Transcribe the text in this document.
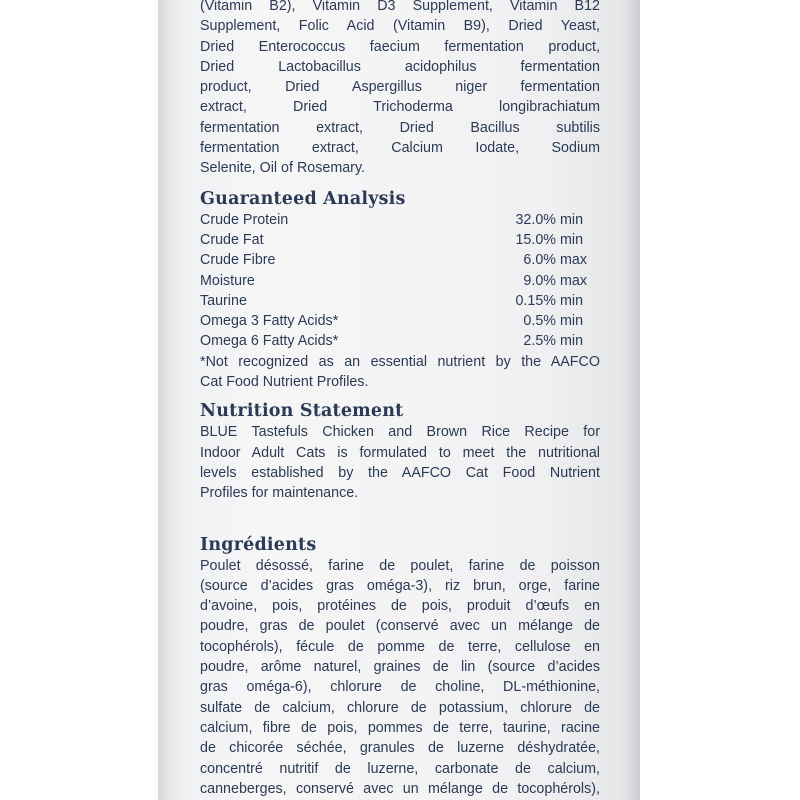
(Vitamin B2), Vitamin D3 Supplement, Vitamin B12
Supplement, Folic Acid (Vitamin B9), Dried Yeast,
Dried Enterococcus faecium fermentation product,
Dried Lactobacillus acidophilus fermentation
product, Dried Aspergillus niger fermentation
extract, Dried Trichoderma longibrachiatum
fermentation extract, Dried Bacillus subtilis
fermentation extract, Calcium Iodate, Sodium
Selenite, Oil of Rosemary.
Guaranteed Analysis
Crude Protein	32.0% min
Crude Fat	15.0% min
Crude Fibre	6.0% max
Moisture	9.0% max
Taurine	0.15% min
Omega 3 Fatty Acids*	0.5% min
Omega 6 Fatty Acids*	2.5% min
*Not recognized as an essential nutrient by the AAFCO
Cat Food Nutrient Profiles.
Nutrition Statement
BLUE Tastefuls Chicken and Brown Rice Recipe for
Indoor Adult Cats is formulated to meet the nutritional
levels established by the AAFCO Cat Food Nutrient
Profiles for maintenance.
Ingrédients
Poulet désossé, farine de poulet, farine de poisson
(source d’acides gras oméga-3), riz brun, orge, farine
d’avoine, pois, protéines de pois, produit d’œufs en
poudre, gras de poulet (conservé avec un mélange de
tocophérols), fécule de pomme de terre, cellulose en
poudre, arôme naturel, graines de lin (source d’acides
gras oméga-6), chlorure de choline, DL-méthionine,
sulfate de calcium, chlorure de potassium, chlorure de
calcium, fibre de pois, pommes de terre, taurine, racine
de chicorée séchée, granules de luzerne déshydratée,
concentré nutritif de luzerne, carbonate de calcium,
canneberges, conservé avec un mélange de tocophérols),
